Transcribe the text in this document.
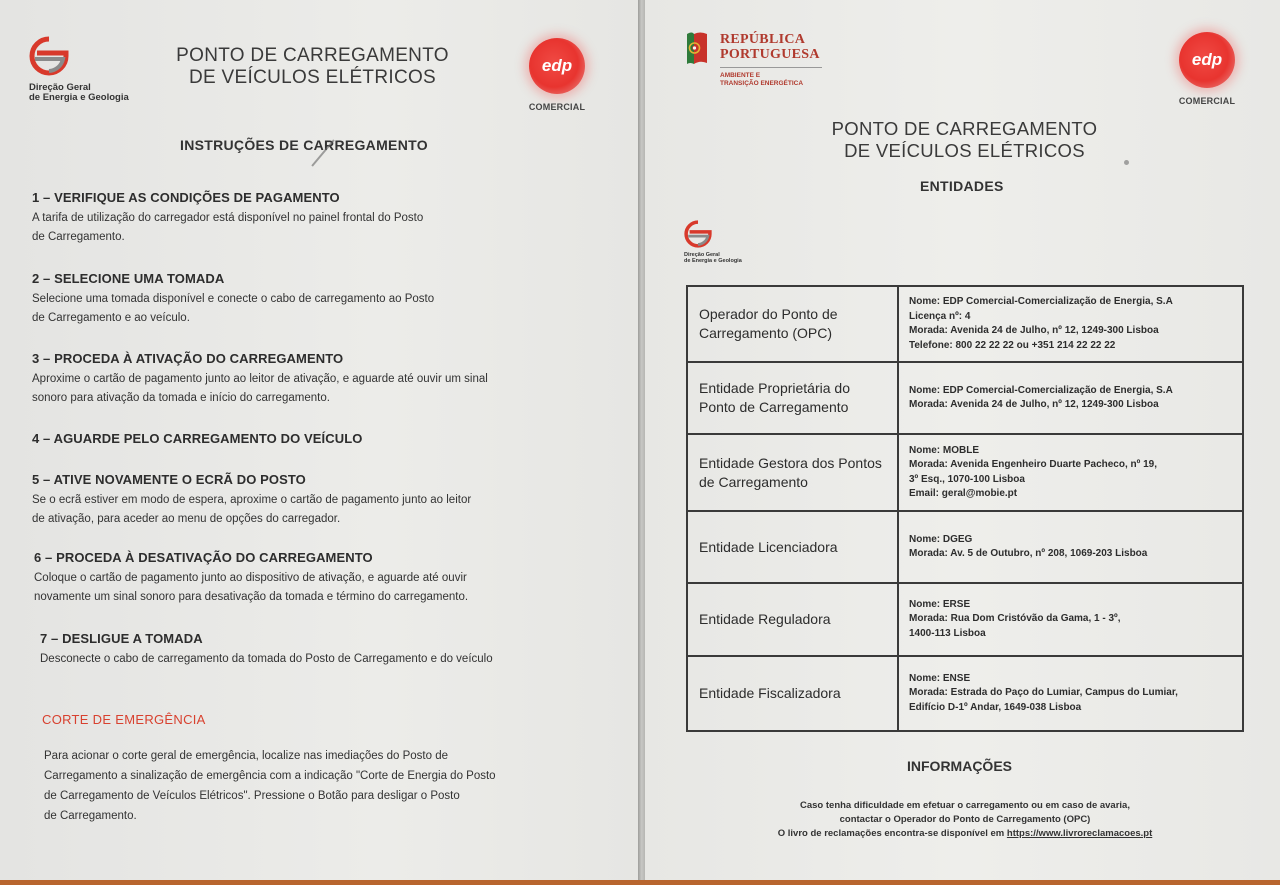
Direção Geral
de Energia e Geologia
PONTO DE CARREGAMENTO
DE VEÍCULOS ELÉTRICOS
edp
COMERCIAL
INSTRUÇÕES DE CARREGAMENTO
1 – VERIFIQUE AS CONDIÇÕES DE PAGAMENTO
A tarifa de utilização do carregador está disponível no painel frontal do Posto
de Carregamento.
2 – SELECIONE UMA TOMADA
Selecione uma tomada disponível e conecte o cabo de carregamento ao Posto
de Carregamento e ao veículo.
3 – PROCEDA À ATIVAÇÃO DO CARREGAMENTO
Aproxime o cartão de pagamento junto ao leitor de ativação, e aguarde até ouvir um sinal
sonoro para ativação da tomada e início do carregamento.
4 – AGUARDE PELO CARREGAMENTO DO VEÍCULO
5 – ATIVE NOVAMENTE O ECRÃ DO POSTO
Se o ecrã estiver em modo de espera, aproxime o cartão de pagamento junto ao leitor
de ativação, para aceder ao menu de opções do carregador.
6 – PROCEDA À DESATIVAÇÃO DO CARREGAMENTO
Coloque o cartão de pagamento junto ao dispositivo de ativação, e aguarde até ouvir
novamente um sinal sonoro para desativação da tomada e término do carregamento.
7 – DESLIGUE A TOMADA
Desconecte o cabo de carregamento da tomada do Posto de Carregamento e do veículo
CORTE DE EMERGÊNCIA
Para acionar o corte geral de emergência, localize nas imediações do Posto de
Carregamento a sinalização de emergência com a indicação "Corte de Energia do Posto
de Carregamento de Veículos Elétricos". Pressione o Botão para desligar o Posto
de Carregamento.
REPÚBLICA
PORTUGUESA
AMBIENTE E
TRANSIÇÃO ENERGÉTICA
edp
COMERCIAL
PONTO DE CARREGAMENTO
DE VEÍCULOS ELÉTRICOS
ENTIDADES
Direção Geral
de Energia e Geologia
Operador do Ponto de Carregamento (OPC)	Nome: EDP Comercial-Comercialização de Energia, S.A
Licença nº: 4
Morada: Avenida 24 de Julho, nº 12, 1249-300 Lisboa
Telefone: 800 22 22 22 ou +351 214 22 22 22

Entidade Proprietária do Ponto de Carregamento	Nome: EDP Comercial-Comercialização de Energia, S.A
Morada: Avenida 24 de Julho, nº 12, 1249-300 Lisboa

Entidade Gestora dos Pontos de Carregamento	Nome: MOBLE
Morada: Avenida Engenheiro Duarte Pacheco, nº 19,
3º Esq., 1070-100 Lisboa
Email: geral@mobie.pt

Entidade Licenciadora	Nome: DGEG
Morada: Av. 5 de Outubro, nº 208, 1069-203 Lisboa

Entidade Reguladora	Nome: ERSE
Morada: Rua Dom Cristóvão da Gama, 1 - 3º,
1400-113 Lisboa

Entidade Fiscalizadora	Nome: ENSE
Morada: Estrada do Paço do Lumiar, Campus do Lumiar,
Edifício D-1º Andar, 1649-038 Lisboa
INFORMAÇÕES
Caso tenha dificuldade em efetuar o carregamento ou em caso de avaria,
contactar o Operador do Ponto de Carregamento (OPC)
O livro de reclamações encontra-se disponível em https://www.livroreclamacoes.pt
